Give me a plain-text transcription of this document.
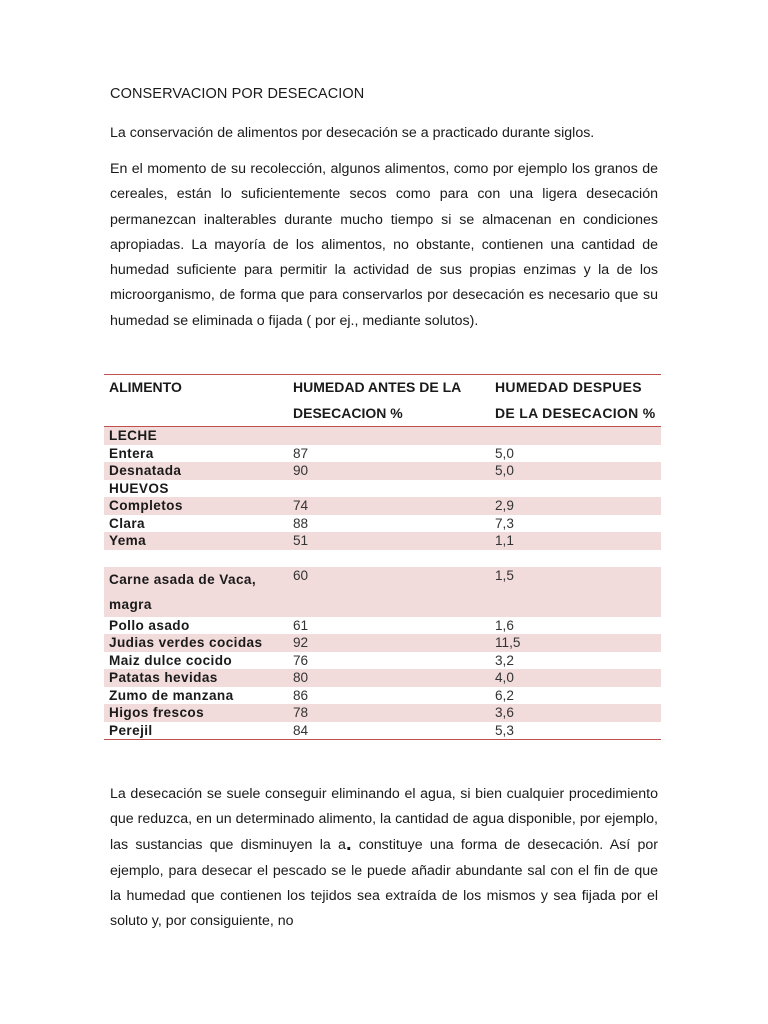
CONSERVACION POR DESECACION
La conservación de alimentos por desecación se a practicado durante siglos.
En el momento de su recolección, algunos alimentos, como por ejemplo los granos de cereales, están lo suficientemente secos como para con una ligera desecación permanezcan inalterables durante mucho tiempo si se almacenan en condiciones apropiadas. La mayoría de los alimentos, no obstante, contienen una cantidad de humedad suficiente para permitir la actividad de sus propias enzimas y la de los microorganismo, de forma que para conservarlos por desecación es necesario que su humedad se eliminada o fijada ( por ej., mediante solutos).
ALIMENTO	HUMEDAD ANTES DE LA DESECACION %	HUMEDAD DESPUES DE LA DESECACION %
LECHE		
Entera	87	5,0
Desnatada	90	5,0
HUEVOS		
Completos	74	2,9
Clara	88	7,3
Yema	51	1,1

Carne asada de Vaca, magra	60	1,5
Pollo asado	61	1,6
Judias verdes cocidas	92	11,5
Maiz dulce cocido	76	3,2
Patatas hevidas	80	4,0
Zumo de manzana	86	6,2
Higos frescos	78	3,6
Perejil	84	5,3
La desecación se suele conseguir eliminando el agua, si bien cualquier procedimiento que reduzca, en un determinado alimento, la cantidad de agua disponible, por ejemplo, las sustancias que disminuyen la $a_.$ constituye una forma de desecación. Así por ejemplo, para desecar el pescado se le puede añadir abundante sal con el fin de que la humedad que contienen los tejidos sea extraída de los mismos y sea fijada por el soluto y, por consiguiente, no
